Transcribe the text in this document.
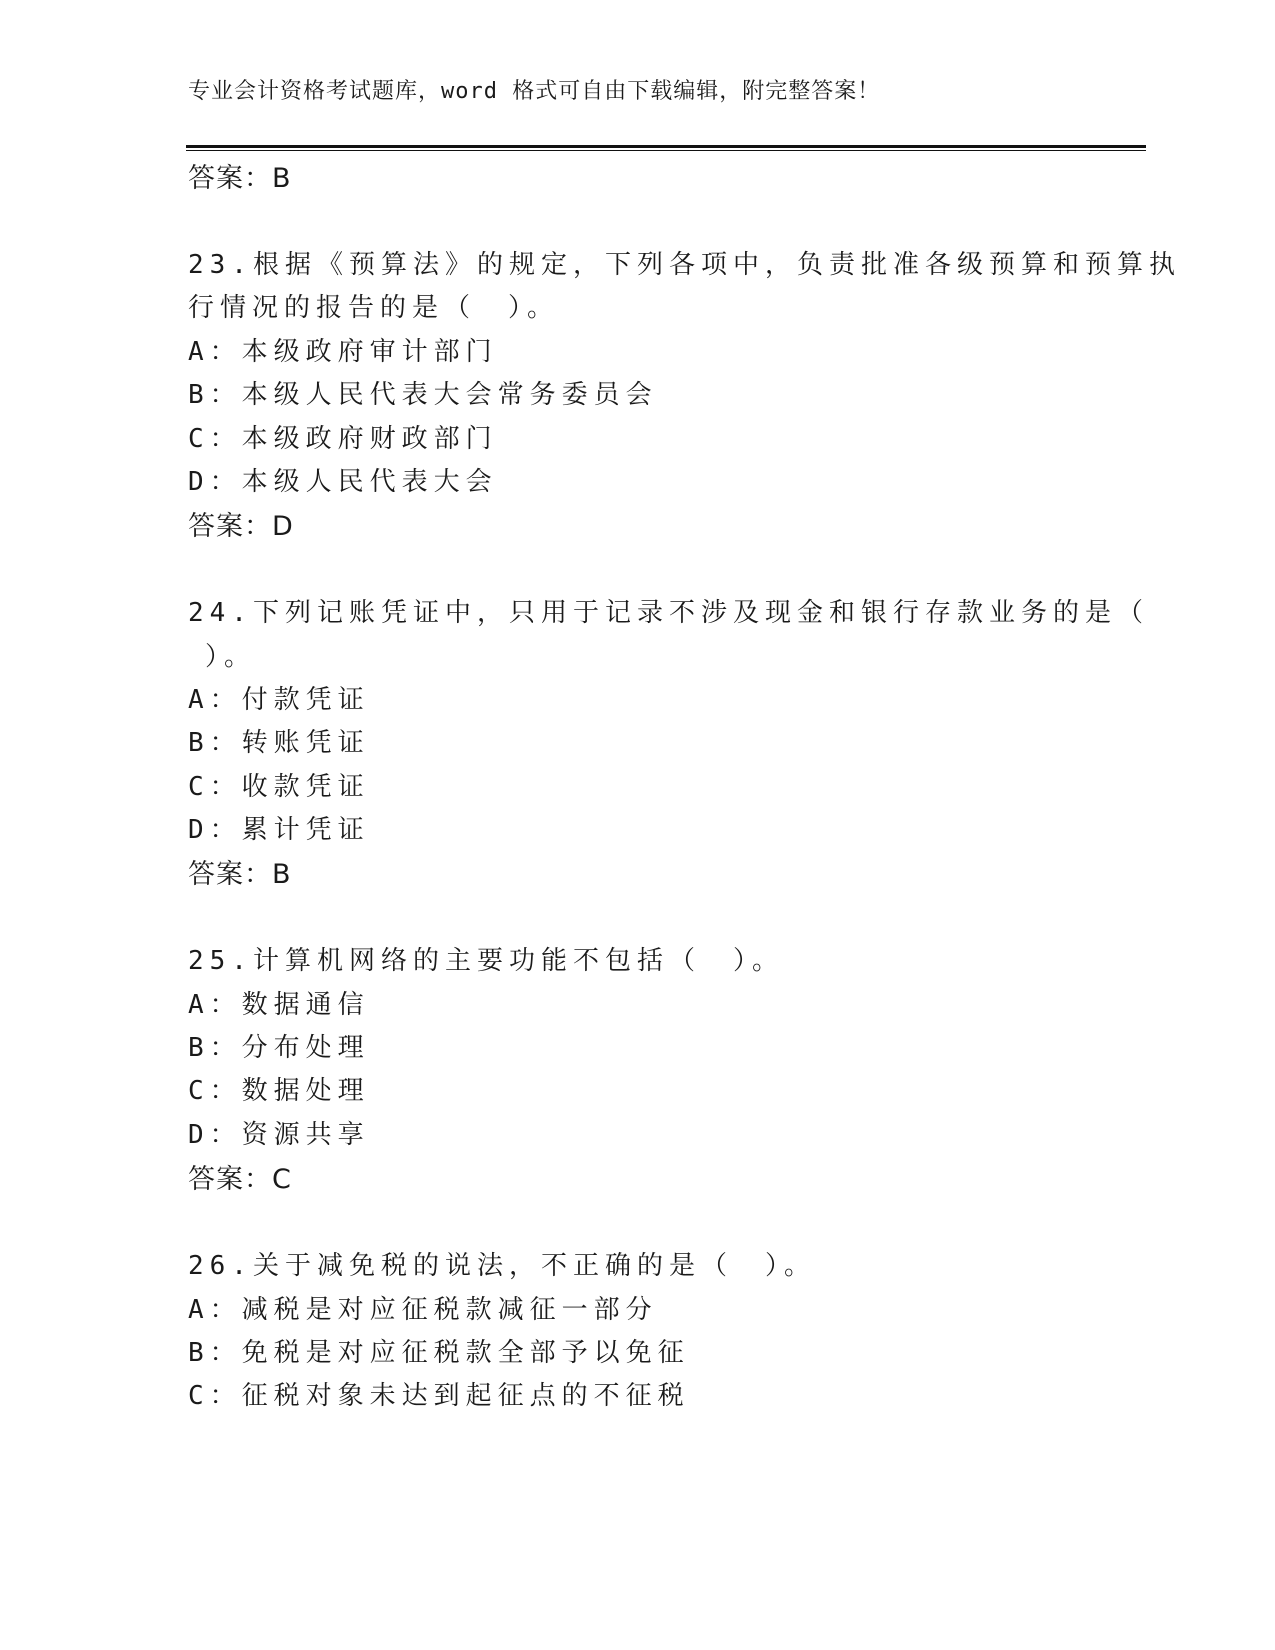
专业会计资格考试题库，word 格式可自由下载编辑，附完整答案！
答案：B
23.根据《预算法》的规定，下列各项中，负责批准各级预算和预算执
行情况的报告的是（　）。
A：本级政府审计部门
B：本级人民代表大会常务委员会
C：本级政府财政部门
D：本级人民代表大会
答案：D
24.下列记账凭证中，只用于记录不涉及现金和银行存款业务的是（
）。
A：付款凭证
B：转账凭证
C：收款凭证
D：累计凭证
答案：B
25.计算机网络的主要功能不包括（　）。
A：数据通信
B：分布处理
C：数据处理
D：资源共享
答案：C
26.关于减免税的说法，不正确的是（　）。
A：减税是对应征税款减征一部分
B：免税是对应征税款全部予以免征
C：征税对象未达到起征点的不征税
